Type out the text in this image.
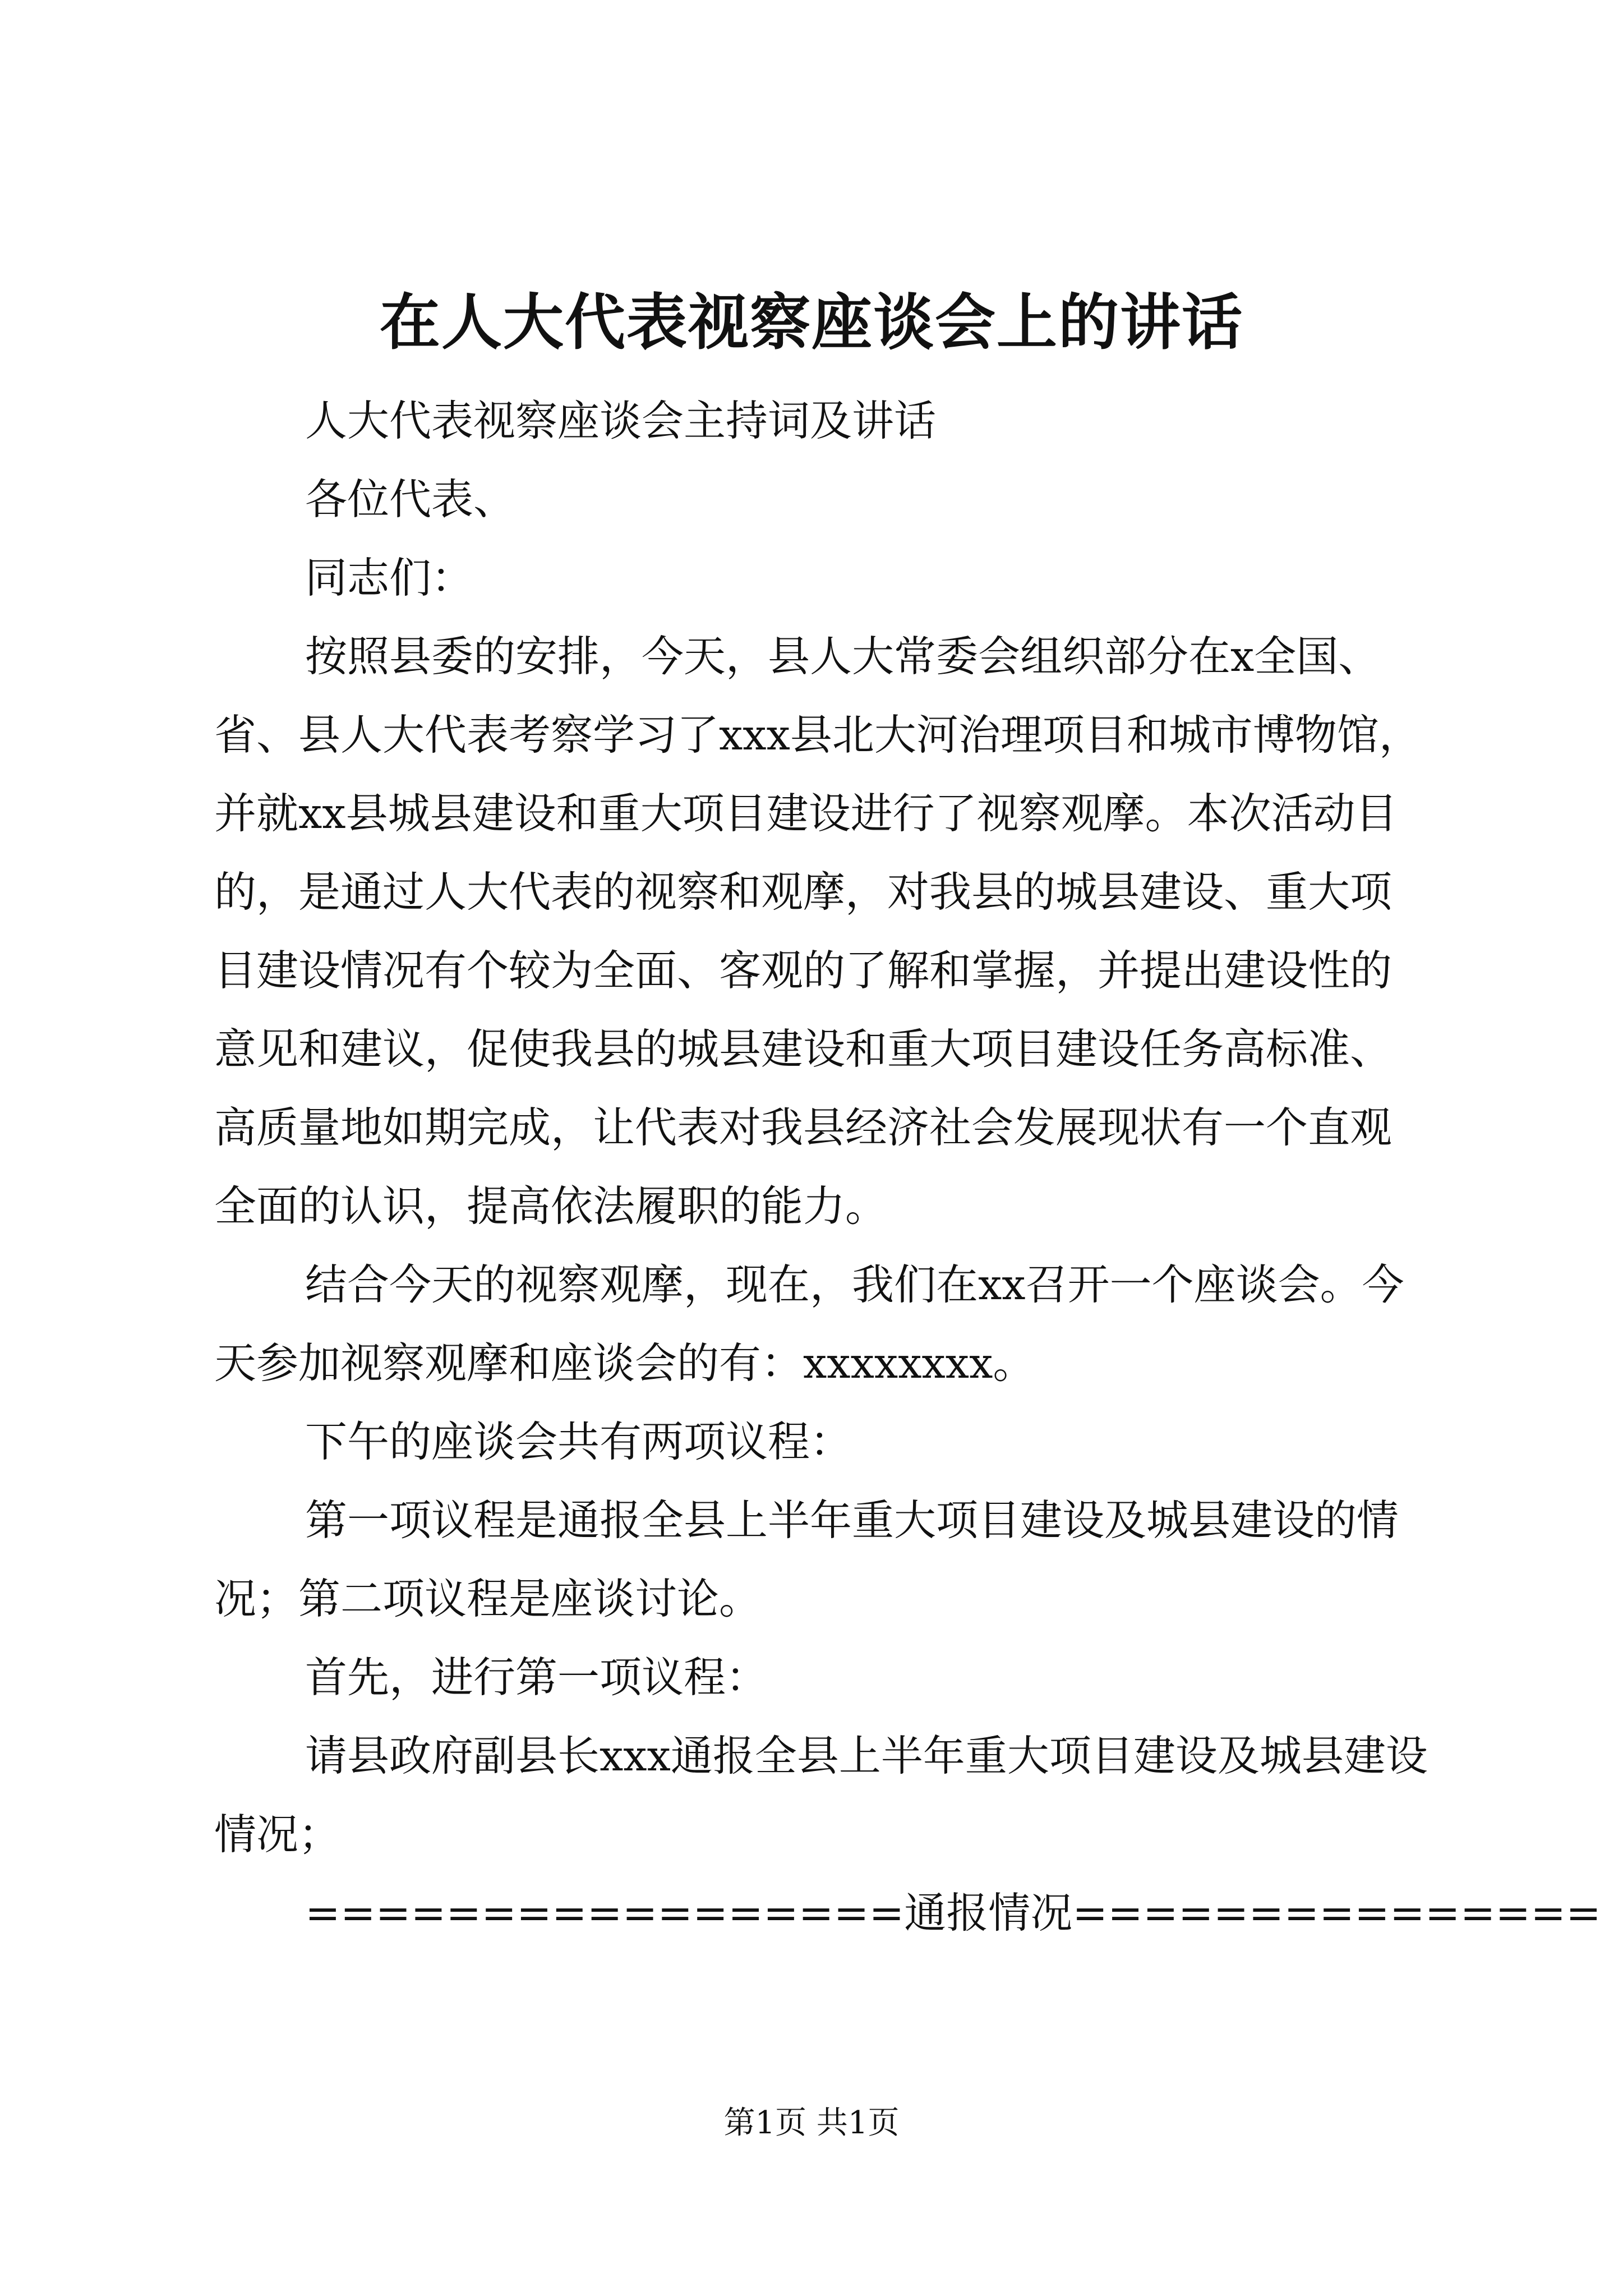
在人大代表视察座谈会上的讲话

人大代表视察座谈会主持词及讲话

各位代表、

同志们：

按照县委的安排，今天，县人大常委会组织部分在x全国、省、县人大代表考察学习了xxx县北大河治理项目和城市博物馆，并就xx县城县建设和重大项目建设进行了视察观摩。本次活动目的，是通过人大代表的视察和观摩，对我县的城县建设、重大项目建设情况有个较为全面、客观的了解和掌握，并提出建设性的意见和建议，促使我县的城县建设和重大项目建设任务高标准、高质量地如期完成，让代表对我县经济社会发展现状有一个直观全面的认识，提高依法履职的能力。

结合今天的视察观摩，现在，我们在xx召开一个座谈会。今天参加视察观摩和座谈会的有：xxxxxxxx。

下午的座谈会共有两项议程：

第一项议程是通报全县上半年重大项目建设及城县建设的情况；第二项议程是座谈讨论。

首先，进行第一项议程：

请县政府副县长xxx通报全县上半年重大项目建设及城县建设情况；

=================通报情况===============

第1页 共1页
